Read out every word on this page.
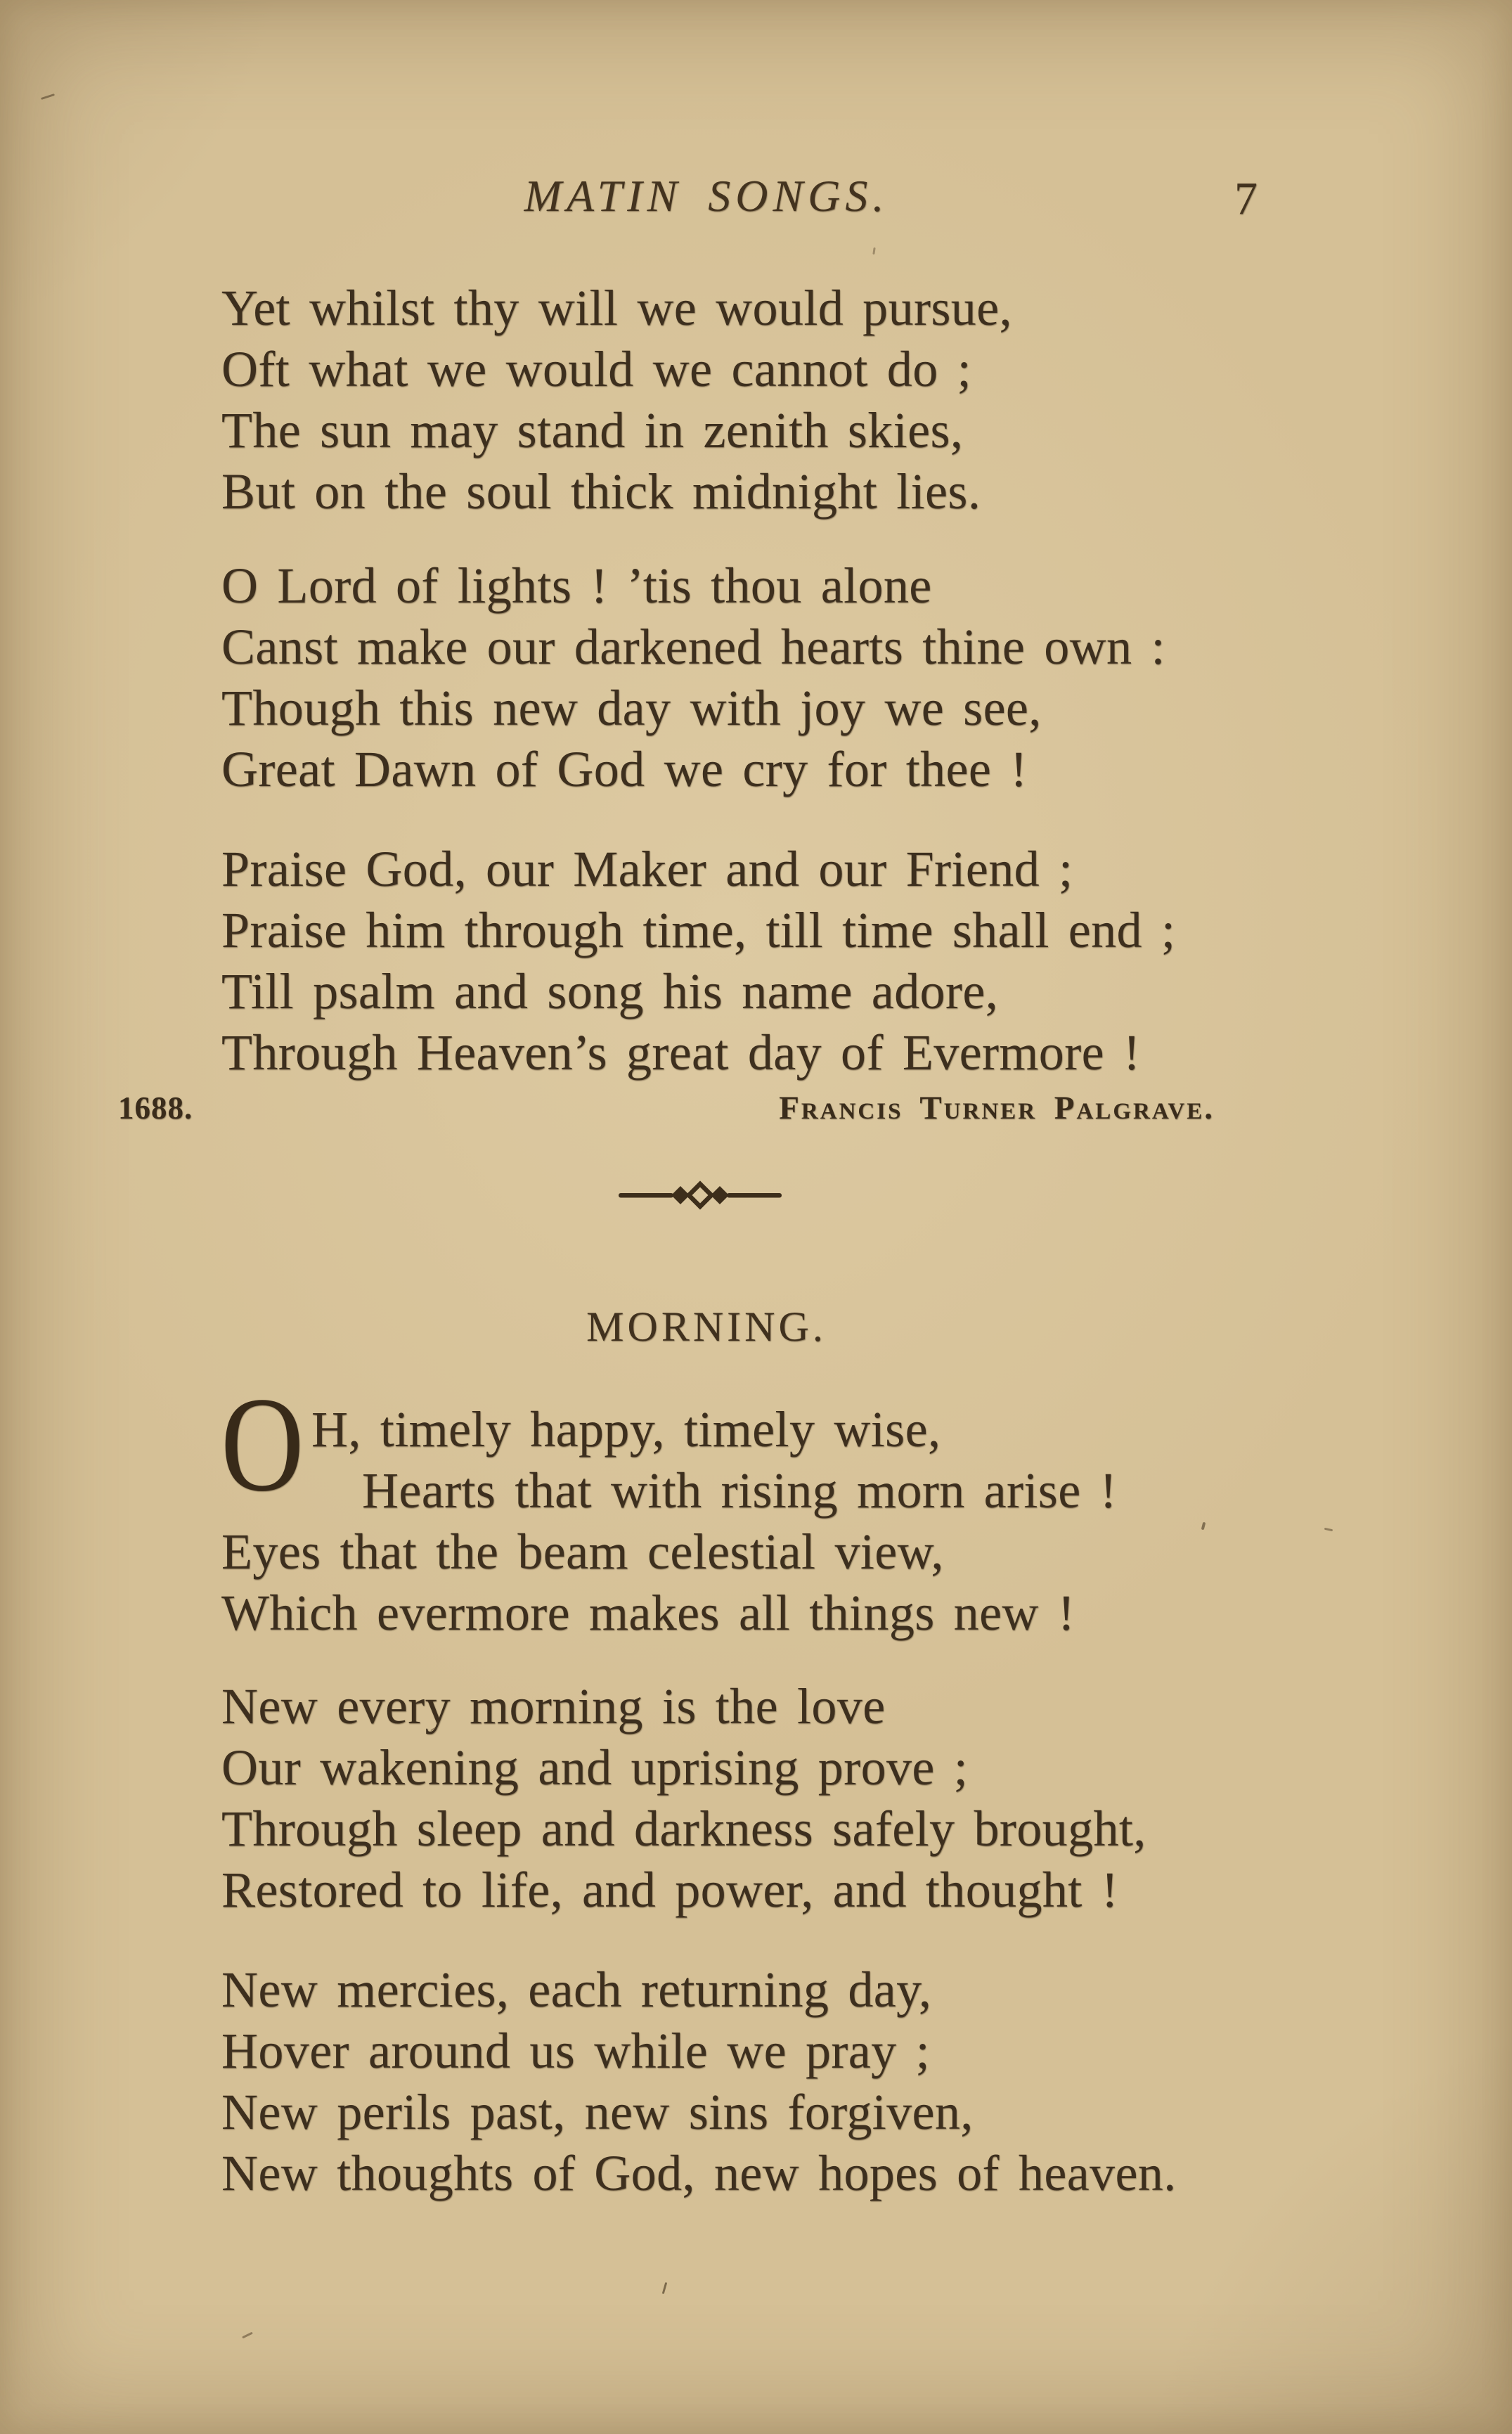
MATIN SONGS.	7
Yet whilst thy will we would pursue,
Oft what we would we cannot do ;
The sun may stand in zenith skies,
But on the soul thick midnight lies.
O Lord of lights ! ’tis thou alone
Canst make our darkened hearts thine own :
Though this new day with joy we see,
Great Dawn of God we cry for thee !
Praise God, our Maker and our Friend ;
Praise him through time, till time shall end ;
Till psalm and song his name adore,
Through Heaven’s great day of Evermore !
1688.	Francis Turner Palgrave.
MORNING.
O H, timely happy, timely wise,
Hearts that with rising morn arise !
Eyes that the beam celestial view,
Which evermore makes all things new !
New every morning is the love
Our wakening and uprising prove ;
Through sleep and darkness safely brought,
Restored to life, and power, and thought !
New mercies, each returning day,
Hover around us while we pray ;
New perils past, new sins forgiven,
New thoughts of God, new hopes of heaven.
